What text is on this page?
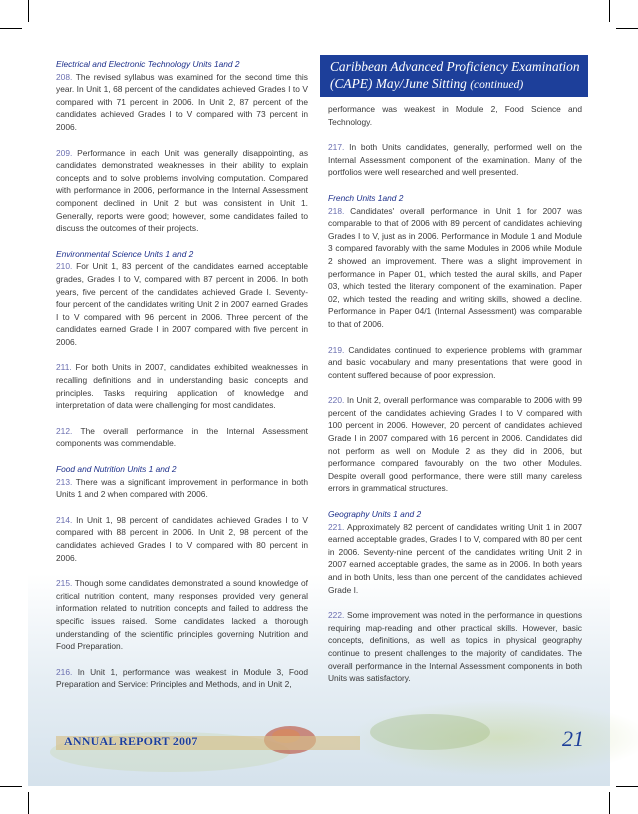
Caribbean Advanced Proficiency Examination
(CAPE) May/June Sitting (continued)
Electrical and Electronic Technology Units 1and 2

208. The revised syllabus was examined for the second time this year. In Unit 1, 68 percent of the candidates achieved Grades I to V compared with 71 percent in 2006. In Unit 2, 87 percent of the candidates achieved Grades I to V compared with 73 percent in 2006.

209. Performance in each Unit was generally disappointing, as candidates demonstrated weaknesses in their ability to explain concepts and to solve problems involving computation. Compared with performance in 2006, performance in the Internal Assessment component declined in Unit 2 but was consistent in Unit 1. Generally, reports were good; however, some candidates failed to discuss the outcomes of their projects.

Environmental Science Units 1 and 2

210. For Unit 1, 83 percent of the candidates earned acceptable grades, Grades I to V, compared with 87 percent in 2006. In both years, five percent of the candidates achieved Grade I. Seventy-four percent of the candidates writing Unit 2 in 2007 earned Grades I to V compared with 96 percent in 2006. Three percent of the candidates earned Grade I in 2007 compared with five percent in 2006.

211. For both Units in 2007, candidates exhibited weaknesses in recalling definitions and in understanding basic concepts and principles. Tasks requiring application of knowledge and interpretation of data were challenging for most candidates.

212. The overall performance in the Internal Assessment components was commendable.

Food and Nutrition Units 1 and 2

213. There was a significant improvement in performance in both Units 1 and 2 when compared with 2006.

214. In Unit 1, 98 percent of candidates achieved Grades I to V compared with 88 percent in 2006. In Unit 2, 98 percent of the candidates achieved Grades I to V compared with 80 percent in 2006.

215. Though some candidates demonstrated a sound knowledge of critical nutrition content, many responses provided very general information related to nutrition concepts and failed to address the specific issues raised. Some candidates lacked a thorough understanding of the scientific principles governing Nutrition and Food Preparation.

216. In Unit 1, performance was weakest in Module 3, Food Preparation and Service: Principles and Methods, and in Unit 2,

performance was weakest in Module 2, Food Science and Technology.

217. In both Units candidates, generally, performed well on the Internal Assessment component of the examination. Many of the portfolios were well researched and well presented.

French Units 1and 2

218. Candidates' overall performance in Unit 1 for 2007 was comparable to that of 2006 with 89 percent of candidates achieving Grades I to V, just as in 2006. Performance in Module 1 and Module 3 compared favorably with the same Modules in 2006 while Module 2 showed an improvement. There was a slight improvement in performance in Paper 01, which tested the aural skills, and Paper 03, which tested the literary component of the examination. Paper 02, which tested the reading and writing skills, showed a decline. Performance in Paper 04/1 (Internal Assessment) was comparable to that of 2006.

219. Candidates continued to experience problems with grammar and basic vocabulary and many presentations that were good in content suffered because of poor expression.

220. In Unit 2, overall performance was comparable to 2006 with 99 percent of the candidates achieving Grades I to V compared with 100 percent in 2006. However, 20 percent of candidates achieved Grade I in 2007 compared with 16 percent in 2006. Candidates did not perform as well on Module 2 as they did in 2006, but performance compared favourably on the two other Modules. Despite overall good performance, there were still many careless errors in grammatical structures.

Geography Units 1 and 2

221. Approximately 82 percent of candidates writing Unit 1 in 2007 earned acceptable grades, Grades I to V, compared with 80 per cent in 2006. Seventy-nine percent of the candidates writing Unit 2 in 2007 earned acceptable grades, the same as in 2006. In both years and in both Units, less than one percent of the candidates achieved Grade I.

222. Some improvement was noted in the performance in questions requiring map-reading and other practical skills. However, basic concepts, definitions, as well as topics in physical geography continue to present challenges to the majority of candidates. The overall performance in the Internal Assessment components in both Units was satisfactory.

ANNUAL REPORT 2007	21
